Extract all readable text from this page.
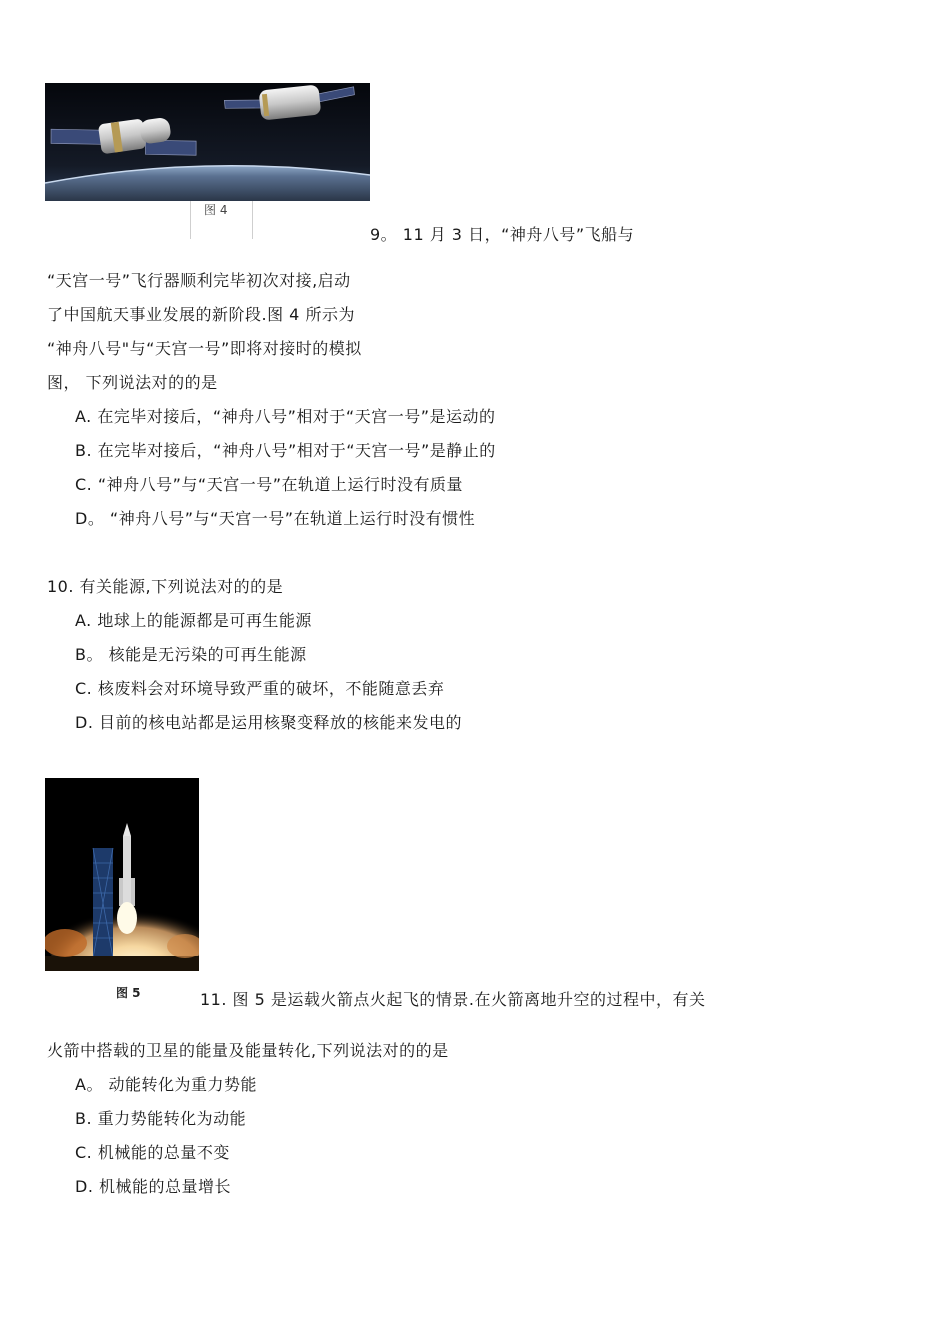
图 4
9。 11 月 3 日，“神舟八号”飞船与
“天宫一号”飞行器顺利完毕初次对接,启动
了中国航天事业发展的新阶段.图 4 所示为
“神舟八号"与“天宫一号”即将对接时的模拟
图， 下列说法对的的是
A. 在完毕对接后，“神舟八号”相对于“天宫一号”是运动的
B. 在完毕对接后，“神舟八号”相对于“天宫一号”是静止的
C. “神舟八号”与“天宫一号”在轨道上运行时没有质量
D。 “神舟八号”与“天宫一号”在轨道上运行时没有惯性
10. 有关能源,下列说法对的的是
A. 地球上的能源都是可再生能源
B。 核能是无污染的可再生能源
C. 核废料会对环境导致严重的破坏，不能随意丢弃
D. 目前的核电站都是运用核聚变释放的核能来发电的
图 5	11. 图 5 是运载火箭点火起飞的情景.在火箭离地升空的过程中，有关
火箭中搭载的卫星的能量及能量转化,下列说法对的的是
A。 动能转化为重力势能
B. 重力势能转化为动能
C. 机械能的总量不变
D. 机械能的总量增长
